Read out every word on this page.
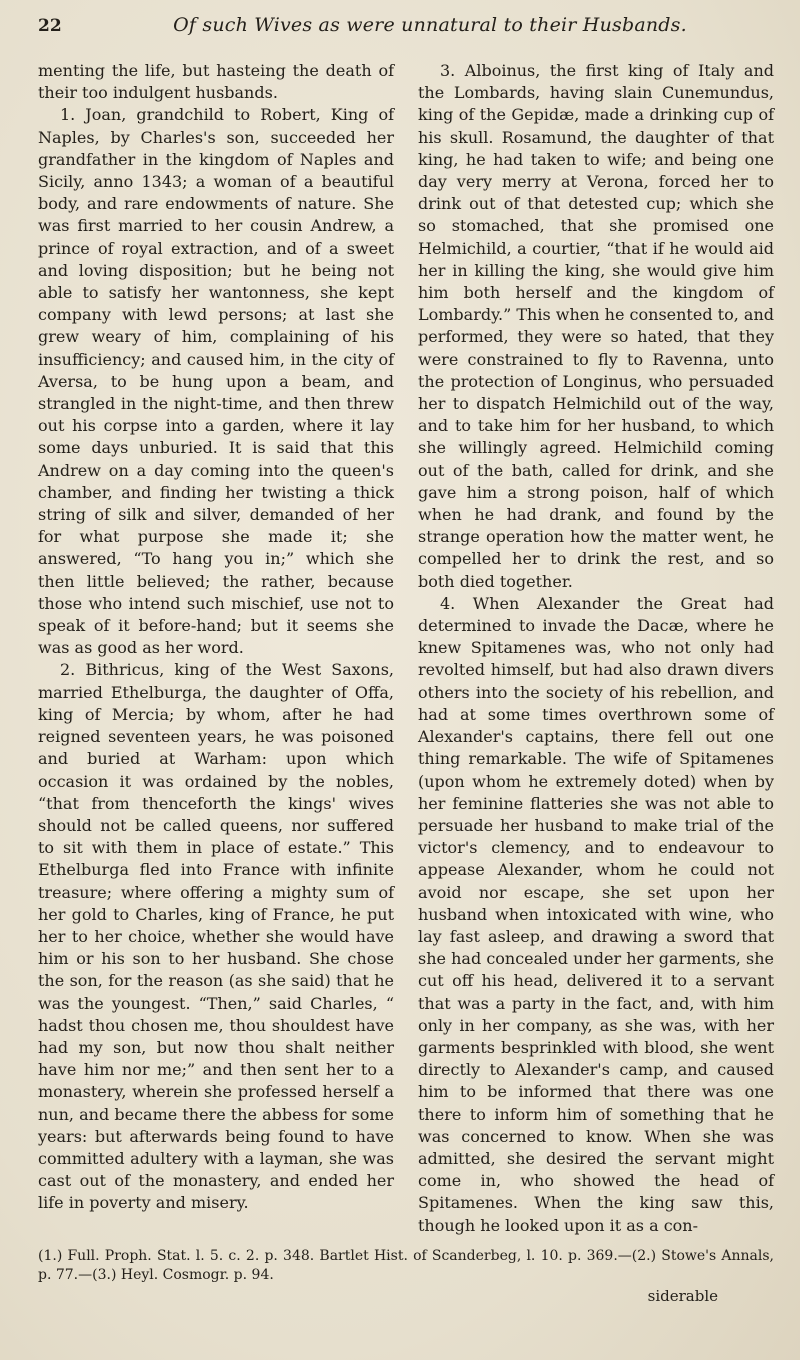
22	Of such Wives as were unnatural to their Husbands.

menting the life, but hasteing the death of their too indulgent husbands.

1. Joan, grandchild to Robert, King of Naples, by Charles's son, succeeded her grandfather in the kingdom of Naples and Sicily, anno 1343; a woman of a beautiful body, and rare endowments of nature. She was first married to her cousin Andrew, a prince of royal extraction, and of a sweet and loving disposition; but he being not able to satisfy her wantonness, she kept company with lewd persons; at last she grew weary of him, complaining of his insufficiency; and caused him, in the city of Aversa, to be hung upon a beam, and strangled in the night-time, and then threw out his corpse into a garden, where it lay some days unburied. It is said that this Andrew on a day coming into the queen's chamber, and finding her twisting a thick string of silk and silver, demanded of her for what purpose she made it; she answered, “To hang you in;” which she then little believed; the rather, because those who intend such mischief, use not to speak of it before-hand; but it seems she was as good as her word.

2. Bithricus, king of the West Saxons, married Ethelburga, the daughter of Offa, king of Mercia; by whom, after he had reigned seventeen years, he was poisoned and buried at Warham: upon which occasion it was ordained by the nobles, “that from thenceforth the kings' wives should not be called queens, nor suffered to sit with them in place of estate.” This Ethelburga fled into France with infinite treasure; where offering a mighty sum of her gold to Charles, king of France, he put her to her choice, whether she would have him or his son to her husband. She chose the son, for the reason (as she said) that he was the youngest. “Then,” said Charles, “ hadst thou chosen me, thou shouldest have had my son, but now thou shalt neither have him nor me;” and then sent her to a monastery, wherein she professed herself a nun, and became there the abbess for some years: but afterwards being found to have committed adultery with a layman, she was cast out of the monastery, and ended her life in poverty and misery.

3. Alboinus, the first king of Italy and the Lombards, having slain Cunemundus, king of the Gepidæ, made a drinking cup of his skull. Rosamund, the daughter of that king, he had taken to wife; and being one day very merry at Verona, forced her to drink out of that detested cup; which she so stomached, that she promised one Helmichild, a courtier, “that if he would aid her in killing the king, she would give him him both herself and the kingdom of Lombardy.” This when he consented to, and performed, they were so hated, that they were constrained to fly to Ravenna, unto the protection of Longinus, who persuaded her to dispatch Helmichild out of the way, and to take him for her husband, to which she willingly agreed. Helmichild coming out of the bath, called for drink, and she gave him a strong poison, half of which when he had drank, and found by the strange operation how the matter went, he compelled her to drink the rest, and so both died together.

4. When Alexander the Great had determined to invade the Dacæ, where he knew Spitamenes was, who not only had revolted himself, but had also drawn divers others into the society of his rebellion, and had at some times overthrown some of Alexander's captains, there fell out one thing remarkable. The wife of Spitamenes (upon whom he extremely doted) when by her feminine flatteries she was not able to persuade her husband to make trial of the victor's clemency, and to endeavour to appease Alexander, whom he could not avoid nor escape, she set upon her husband when intoxicated with wine, who lay fast asleep, and drawing a sword that she had concealed under her garments, she cut off his head, delivered it to a servant that was a party in the fact, and, with him only in her company, as she was, with her garments besprinkled with blood, she went directly to Alexander's camp, and caused him to be informed that there was one there to inform him of something that he was concerned to know. When she was admitted, she desired the servant might come in, who showed the head of Spitamenes. When the king saw this, though he looked upon it as a con-

(1.) Full. Proph. Stat. l. 5. c. 2. p. 348. Bartlet Hist. of Scanderbeg, l. 10. p. 369.—(2.) Stowe's Annals, p. 77.—(3.) Heyl. Cosmogr. p. 94.
siderable
